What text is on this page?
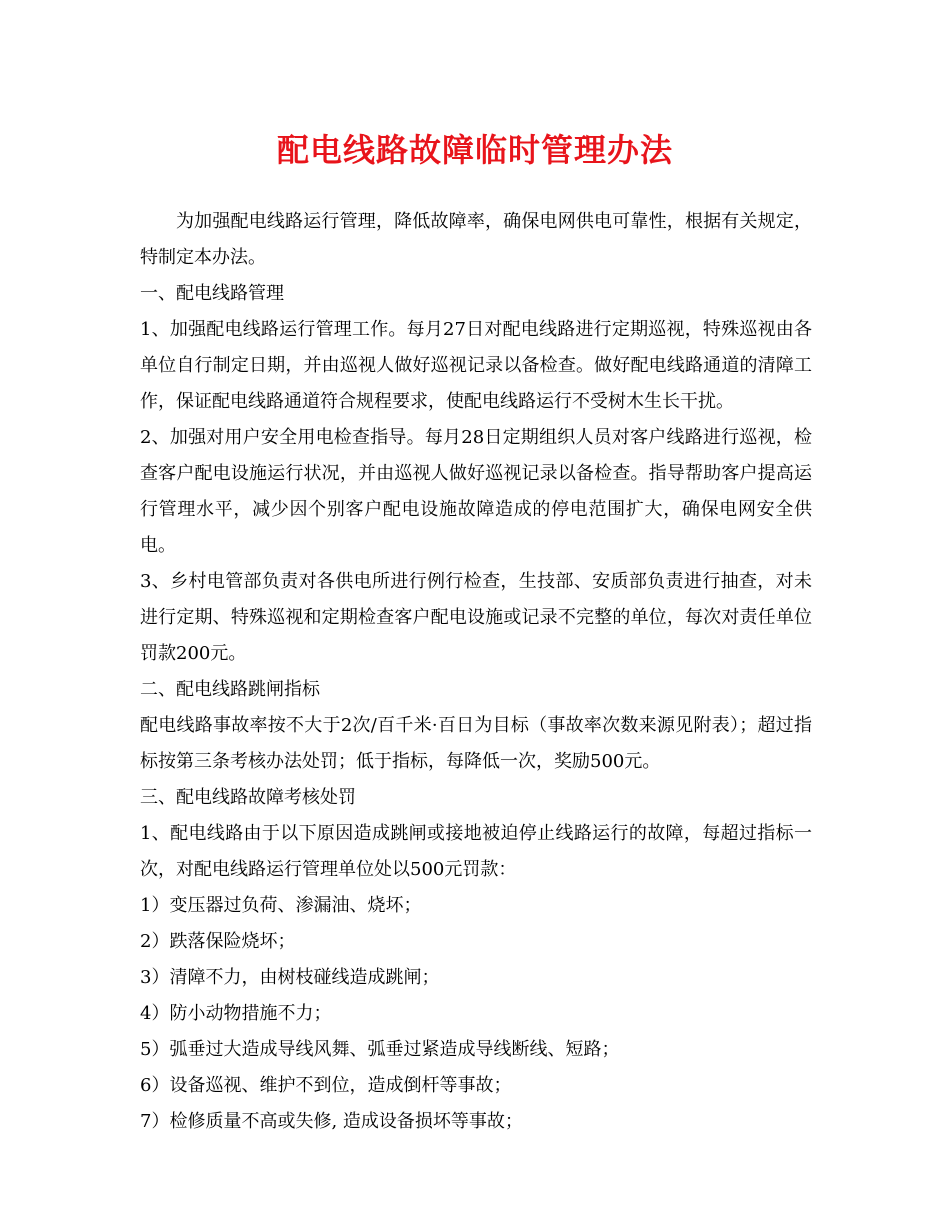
配电线路故障临时管理办法

为加强配电线路运行管理，降低故障率，确保电网供电可靠性，根据有关规定，特制定本办法。

一、配电线路管理

1、加强配电线路运行管理工作。每月27日对配电线路进行定期巡视，特殊巡视由各单位自行制定日期，并由巡视人做好巡视记录以备检查。做好配电线路通道的清障工作，保证配电线路通道符合规程要求，使配电线路运行不受树木生长干扰。

2、加强对用户安全用电检查指导。每月28日定期组织人员对客户线路进行巡视，检查客户配电设施运行状况，并由巡视人做好巡视记录以备检查。指导帮助客户提高运行管理水平，减少因个别客户配电设施故障造成的停电范围扩大，确保电网安全供电。

3、乡村电管部负责对各供电所进行例行检查，生技部、安质部负责进行抽查，对未进行定期、特殊巡视和定期检查客户配电设施或记录不完整的单位，每次对责任单位罚款200元。

二、配电线路跳闸指标

配电线路事故率按不大于2次/百千米·百日为目标（事故率次数来源见附表）；超过指标按第三条考核办法处罚；低于指标，每降低一次，奖励500元。

三、配电线路故障考核处罚

1、配电线路由于以下原因造成跳闸或接地被迫停止线路运行的故障，每超过指标一次，对配电线路运行管理单位处以500元罚款：

1）变压器过负荷、渗漏油、烧坏；

2）跌落保险烧坏；

3）清障不力，由树枝碰线造成跳闸；

4）防小动物措施不力；

5）弧垂过大造成导线风舞、弧垂过紧造成导线断线、短路；

6）设备巡视、维护不到位，造成倒杆等事故；

7）检修质量不高或失修, 造成设备损坏等事故；
